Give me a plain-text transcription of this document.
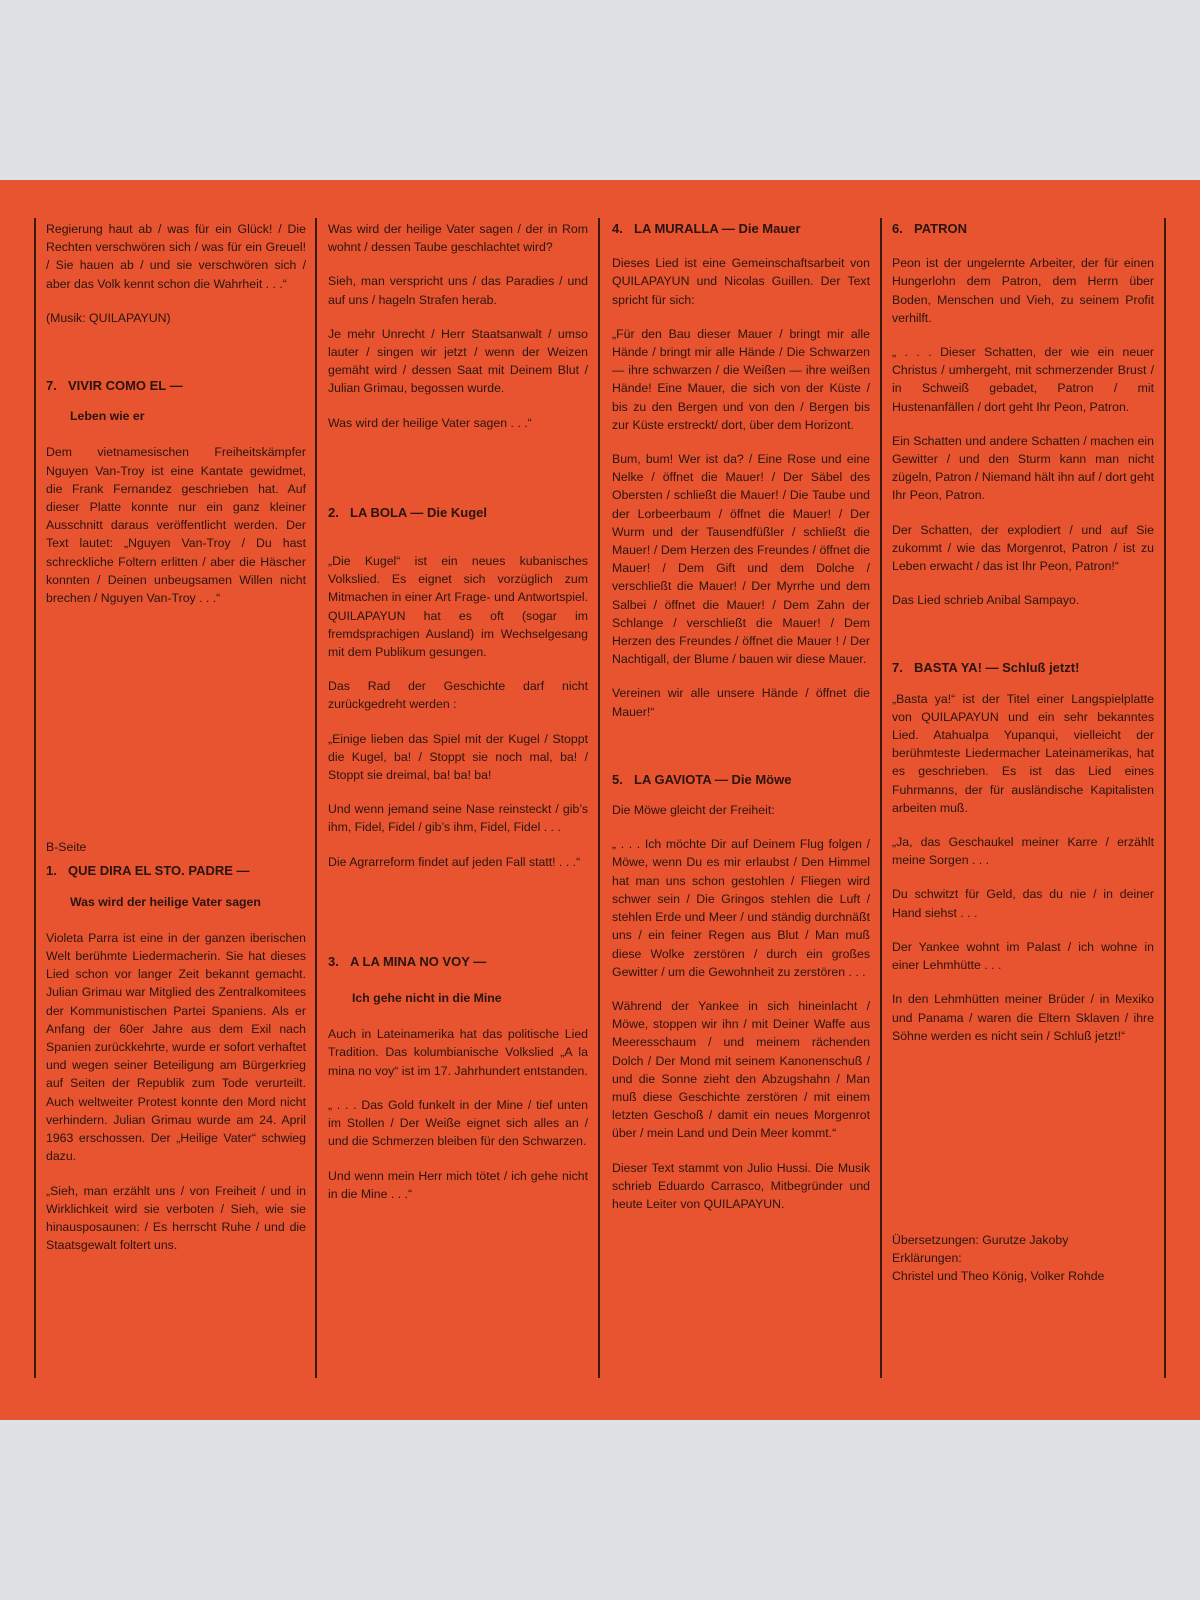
Regierung haut ab / was für ein Glück! / Die Rechten verschwören sich / was für ein Greuel! / Sie hauen ab / und sie verschwören sich / aber das Volk kennt schon die Wahrheit . . .“

(Musik: QUILAPAYUN)

7. VIVIR COMO EL —
Leben wie er

Dem vietnamesischen Freiheitskämpfer Nguyen Van-Troy ist eine Kantate gewidmet, die Frank Fernandez geschrieben hat. Auf dieser Platte konnte nur ein ganz kleiner Ausschnitt daraus veröffentlicht werden. Der Text lautet: „Nguyen Van-Troy / Du hast schreckliche Foltern erlitten / aber die Häscher konnten / Deinen unbeugsamen Willen nicht brechen / Nguyen Van-Troy . . .“

B-Seite
1. QUE DIRA EL STO. PADRE —
Was wird der heilige Vater sagen

Violeta Parra ist eine in der ganzen iberischen Welt berühmte Liedermacherin. Sie hat dieses Lied schon vor langer Zeit bekannt gemacht. Julian Grimau war Mitglied des Zentralkomitees der Kommunistischen Partei Spaniens. Als er Anfang der 60er Jahre aus dem Exil nach Spanien zurückkehrte, wurde er sofort verhaftet und wegen seiner Beteiligung am Bürgerkrieg auf Seiten der Republik zum Tode verurteilt. Auch weltweiter Protest konnte den Mord nicht verhindern. Julian Grimau wurde am 24. April 1963 erschossen. Der „Heilige Vater“ schwieg dazu.

„Sieh, man erzählt uns / von Freiheit / und in Wirklichkeit wird sie verboten / Sieh, wie sie hinausposaunen: / Es herrscht Ruhe / und die Staatsgewalt foltert uns.

Was wird der heilige Vater sagen / der in Rom wohnt / dessen Taube geschlachtet wird?

Sieh, man verspricht uns / das Paradies / und auf uns / hageln Strafen herab.

Je mehr Unrecht / Herr Staatsanwalt / umso lauter / singen wir jetzt / wenn der Weizen gemäht wird / dessen Saat mit Deinem Blut / Julian Grimau, begossen wurde.

Was wird der heilige Vater sagen . . .“

2. LA BOLA — Die Kugel

„Die Kugel“ ist ein neues kubanisches Volkslied. Es eignet sich vorzüglich zum Mitmachen in einer Art Frage- und Antwortspiel. QUILAPAYUN hat es oft (sogar im fremdsprachigen Ausland) im Wechselgesang mit dem Publikum gesungen.

Das Rad der Geschichte darf nicht zurückgedreht werden :

„Einige lieben das Spiel mit der Kugel / Stoppt die Kugel, ba! / Stoppt sie noch mal, ba! / Stoppt sie dreimal, ba! ba! ba!

Und wenn jemand seine Nase reinsteckt / gib’s ihm, Fidel, Fidel / gib’s ihm, Fidel, Fidel . . .

Die Agrarreform findet auf jeden Fall statt! . . .“

3. A LA MINA NO VOY —
Ich gehe nicht in die Mine

Auch in Lateinamerika hat das politische Lied Tradition. Das kolumbianische Volkslied „A la mina no voy“ ist im 17. Jahrhundert entstanden.

„ . . . Das Gold funkelt in der Mine / tief unten im Stollen / Der Weiße eignet sich alles an / und die Schmerzen bleiben für den Schwarzen.

Und wenn mein Herr mich tötet / ich gehe nicht in die Mine . . .“

4. LA MURALLA — Die Mauer

Dieses Lied ist eine Gemeinschaftsarbeit von QUILAPAYUN und Nicolas Guillen. Der Text spricht für sich:

„Für den Bau dieser Mauer / bringt mir alle Hände / bringt mir alle Hände / Die Schwarzen — ihre schwarzen / die Weißen — ihre weißen Hände! Eine Mauer, die sich von der Küste / bis zu den Bergen und von den / Bergen bis zur Küste erstreckt/ dort, über dem Horizont.

Bum, bum! Wer ist da? / Eine Rose und eine Nelke / öffnet die Mauer! / Der Säbel des Obersten / schließt die Mauer! / Die Taube und der Lorbeerbaum / öffnet die Mauer! / Der Wurm und der Tausendfüßler / schließt die Mauer! / Dem Herzen des Freundes / öffnet die Mauer! / Dem Gift und dem Dolche / verschließt die Mauer! / Der Myrrhe und dem Salbei / öffnet die Mauer! / Dem Zahn der Schlange / verschließt die Mauer! / Dem Herzen des Freundes / öffnet die Mauer ! / Der Nachtigall, der Blume / bauen wir diese Mauer.

Vereinen wir alle unsere Hände / öffnet die Mauer!“

5. LA GAVIOTA — Die Möwe

Die Möwe gleicht der Freiheit:

„ . . . Ich möchte Dir auf Deinem Flug folgen / Möwe, wenn Du es mir erlaubst / Den Himmel hat man uns schon gestohlen / Fliegen wird schwer sein / Die Gringos stehlen die Luft / stehlen Erde und Meer / und ständig durchnäßt uns / ein feiner Regen aus Blut / Man muß diese Wolke zerstören / durch ein großes Gewitter / um die Gewohnheit zu zerstören . . .

Während der Yankee in sich hineinlacht / Möwe, stoppen wir ihn / mit Deiner Waffe aus Meeresschaum / und meinem rächenden Dolch / Der Mond mit seinem Kanonenschuß / und die Sonne zieht den Abzugshahn / Man muß diese Geschichte zerstören / mit einem letzten Geschoß / damit ein neues Morgenrot über / mein Land und Dein Meer kommt.“

Dieser Text stammt von Julio Hussi. Die Musik schrieb Eduardo Carrasco, Mitbegründer und heute Leiter von QUILAPAYUN.

6. PATRON

Peon ist der ungelernte Arbeiter, der für einen Hungerlohn dem Patron, dem Herrn über Boden, Menschen und Vieh, zu seinem Profit verhilft.

„ . . . Dieser Schatten, der wie ein neuer Christus / umhergeht, mit schmerzender Brust / in Schweiß gebadet, Patron / mit Hustenanfällen / dort geht Ihr Peon, Patron.

Ein Schatten und andere Schatten / machen ein Gewitter / und den Sturm kann man nicht zügeln, Patron / Niemand hält ihn auf / dort geht Ihr Peon, Patron.

Der Schatten, der explodiert / und auf Sie zukommt / wie das Morgenrot, Patron / ist zu Leben erwacht / das ist Ihr Peon, Patron!“

Das Lied schrieb Anibal Sampayo.

7. BASTA YA! — Schluß jetzt!

„Basta ya!“ ist der Titel einer Langspielplatte von QUILAPAYUN und ein sehr bekanntes Lied. Atahualpa Yupanqui, vielleicht der berühmteste Liedermacher Lateinamerikas, hat es geschrieben. Es ist das Lied eines Fuhrmanns, der für ausländische Kapitalisten arbeiten muß.

„Ja, das Geschaukel meiner Karre / erzählt meine Sorgen . . .

Du schwitzt für Geld, das du nie / in deiner Hand siehst . . .

Der Yankee wohnt im Palast / ich wohne in einer Lehmhütte . . .

In den Lehmhütten meiner Brüder / in Mexiko und Panama / waren die Eltern Sklaven / ihre Söhne werden es nicht sein / Schluß jetzt!“

Übersetzungen: Gurutze Jakoby

Erklärungen:

Christel und Theo König, Volker Rohde
